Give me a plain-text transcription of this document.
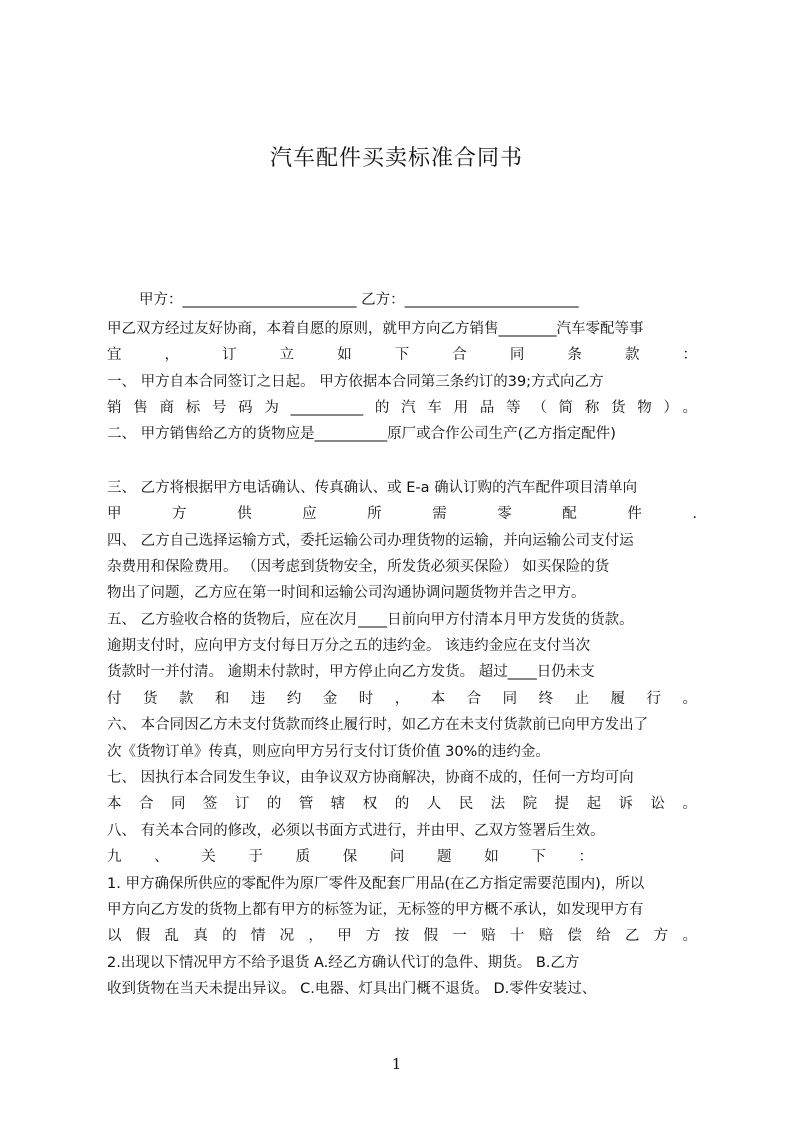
汽车配件买卖标准合同书
甲方：________________________ 乙方：________________________
甲乙双方经过友好协商，本着自愿的原则，就甲方向乙方销售________汽车零配等事
宜 ， 订 立 如 下 合 同 条 款 ：
一、 甲方自本合同签订之日起。 甲方依据本合同第三条约订的39;方式向乙方
销售商标号码为__________的汽车用品等（简称货物）。
二、 甲方销售给乙方的货物应是__________原厂或合作公司生产(乙方指定配件)
三、 乙方将根据甲方电话确认、传真确认、或 E-a 确认订购的汽车配件项目清单向
甲 方 供 应 所 需 零 配 件 .
四、 乙方自己选择运输方式，委托运输公司办理货物的运输，并向运输公司支付运
杂费用和保险费用。 （因考虑到货物安全，所发货必须买保险） 如买保险的货
物出了问题，乙方应在第一时间和运输公司沟通协调问题货物并告之甲方。
五、 乙方验收合格的货物后，应在次月____日前向甲方付清本月甲方发货的货款。
逾期支付时，应向甲方支付每日万分之五的违约金。 该违约金应在支付当次
货款时一并付清。 逾期未付款时，甲方停止向乙方发货。 超过____日仍未支
付 货 款 和 违 约 金 时 ， 本 合 同 终 止 履 行 。
六、 本合同因乙方未支付货款而终止履行时，如乙方在未支付货款前已向甲方发出了
次《货物订单》传真，则应向甲方另行支付订货价值 30%的违约金。
七、 因执行本合同发生争议，由争议双方协商解决，协商不成的，任何一方均可向
本 合 同 签 订 的 管 辖 权 的 人 民 法 院 提 起 诉 讼 。
八、 有关本合同的修改，必须以书面方式进行，并由甲、乙双方签署后生效。
九 、 关 于 质 保 问 题 如 下 ：
1. 甲方确保所供应的零配件为原厂零件及配套厂用品(在乙方指定需要范围内)，所以
甲方向乙方发的货物上都有甲方的标签为证，无标签的甲方概不承认，如发现甲方有
以 假 乱 真 的 情 况 ， 甲 方 按 假 一 赔 十 赔 偿 给 乙 方 。
2.出现以下情况甲方不给予退货 A.经乙方确认代订的急件、期货。 B.乙方
收到货物在当天未提出异议。 C.电器、灯具出门概不退货。 D.零件安装过、
1
